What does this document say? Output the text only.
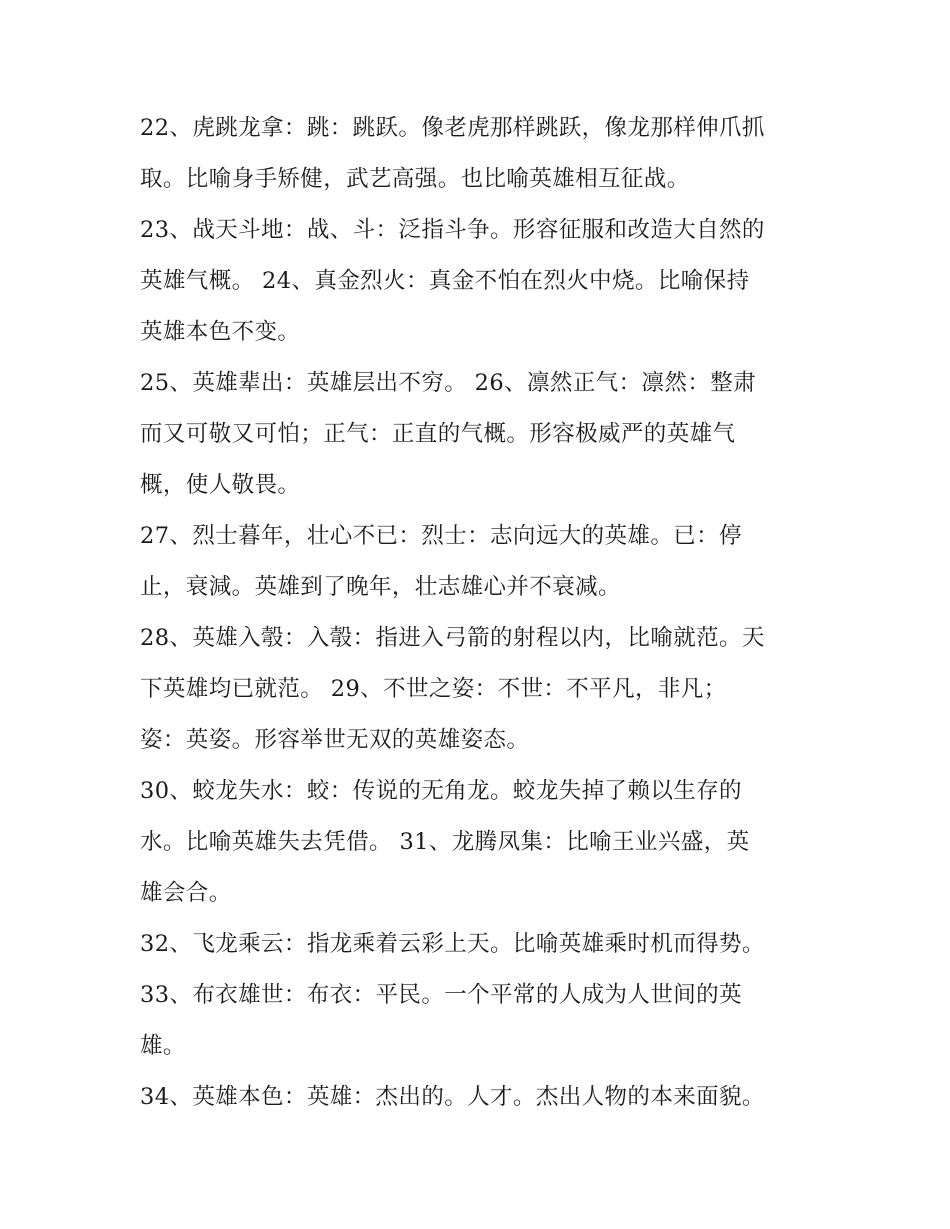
22、虎跳龙拿：跳：跳跃。像老虎那样跳跃，像龙那样伸爪抓
取。比喻身手矫健，武艺高强。也比喻英雄相互征战。
23、战天斗地：战、斗：泛指斗争。形容征服和改造大自然的
英雄气概。 24、真金烈火：真金不怕在烈火中烧。比喻保持
英雄本色不变。
25、英雄辈出：英雄层出不穷。 26、凛然正气：凛然：整肃
而又可敬又可怕；正气：正直的气概。形容极威严的英雄气
概，使人敬畏。
27、烈士暮年，壮心不已：烈士：志向远大的英雄。已：停
止，衰減。英雄到了晚年，壮志雄心并不衰减。
28、英雄入彀：入彀：指进入弓箭的射程以内，比喻就范。天
下英雄均已就范。 29、不世之姿：不世：不平凡，非凡；
姿：英姿。形容举世无双的英雄姿态。
30、蛟龙失水：蛟：传说的无角龙。蛟龙失掉了赖以生存的
水。比喻英雄失去凭借。 31、龙腾凤集：比喻王业兴盛，英
雄会合。
32、飞龙乘云：指龙乘着云彩上天。比喻英雄乘时机而得势。
33、布衣雄世：布衣：平民。一个平常的人成为人世间的英
雄。
34、英雄本色：英雄：杰出的。人才。杰出人物的本来面貌。
